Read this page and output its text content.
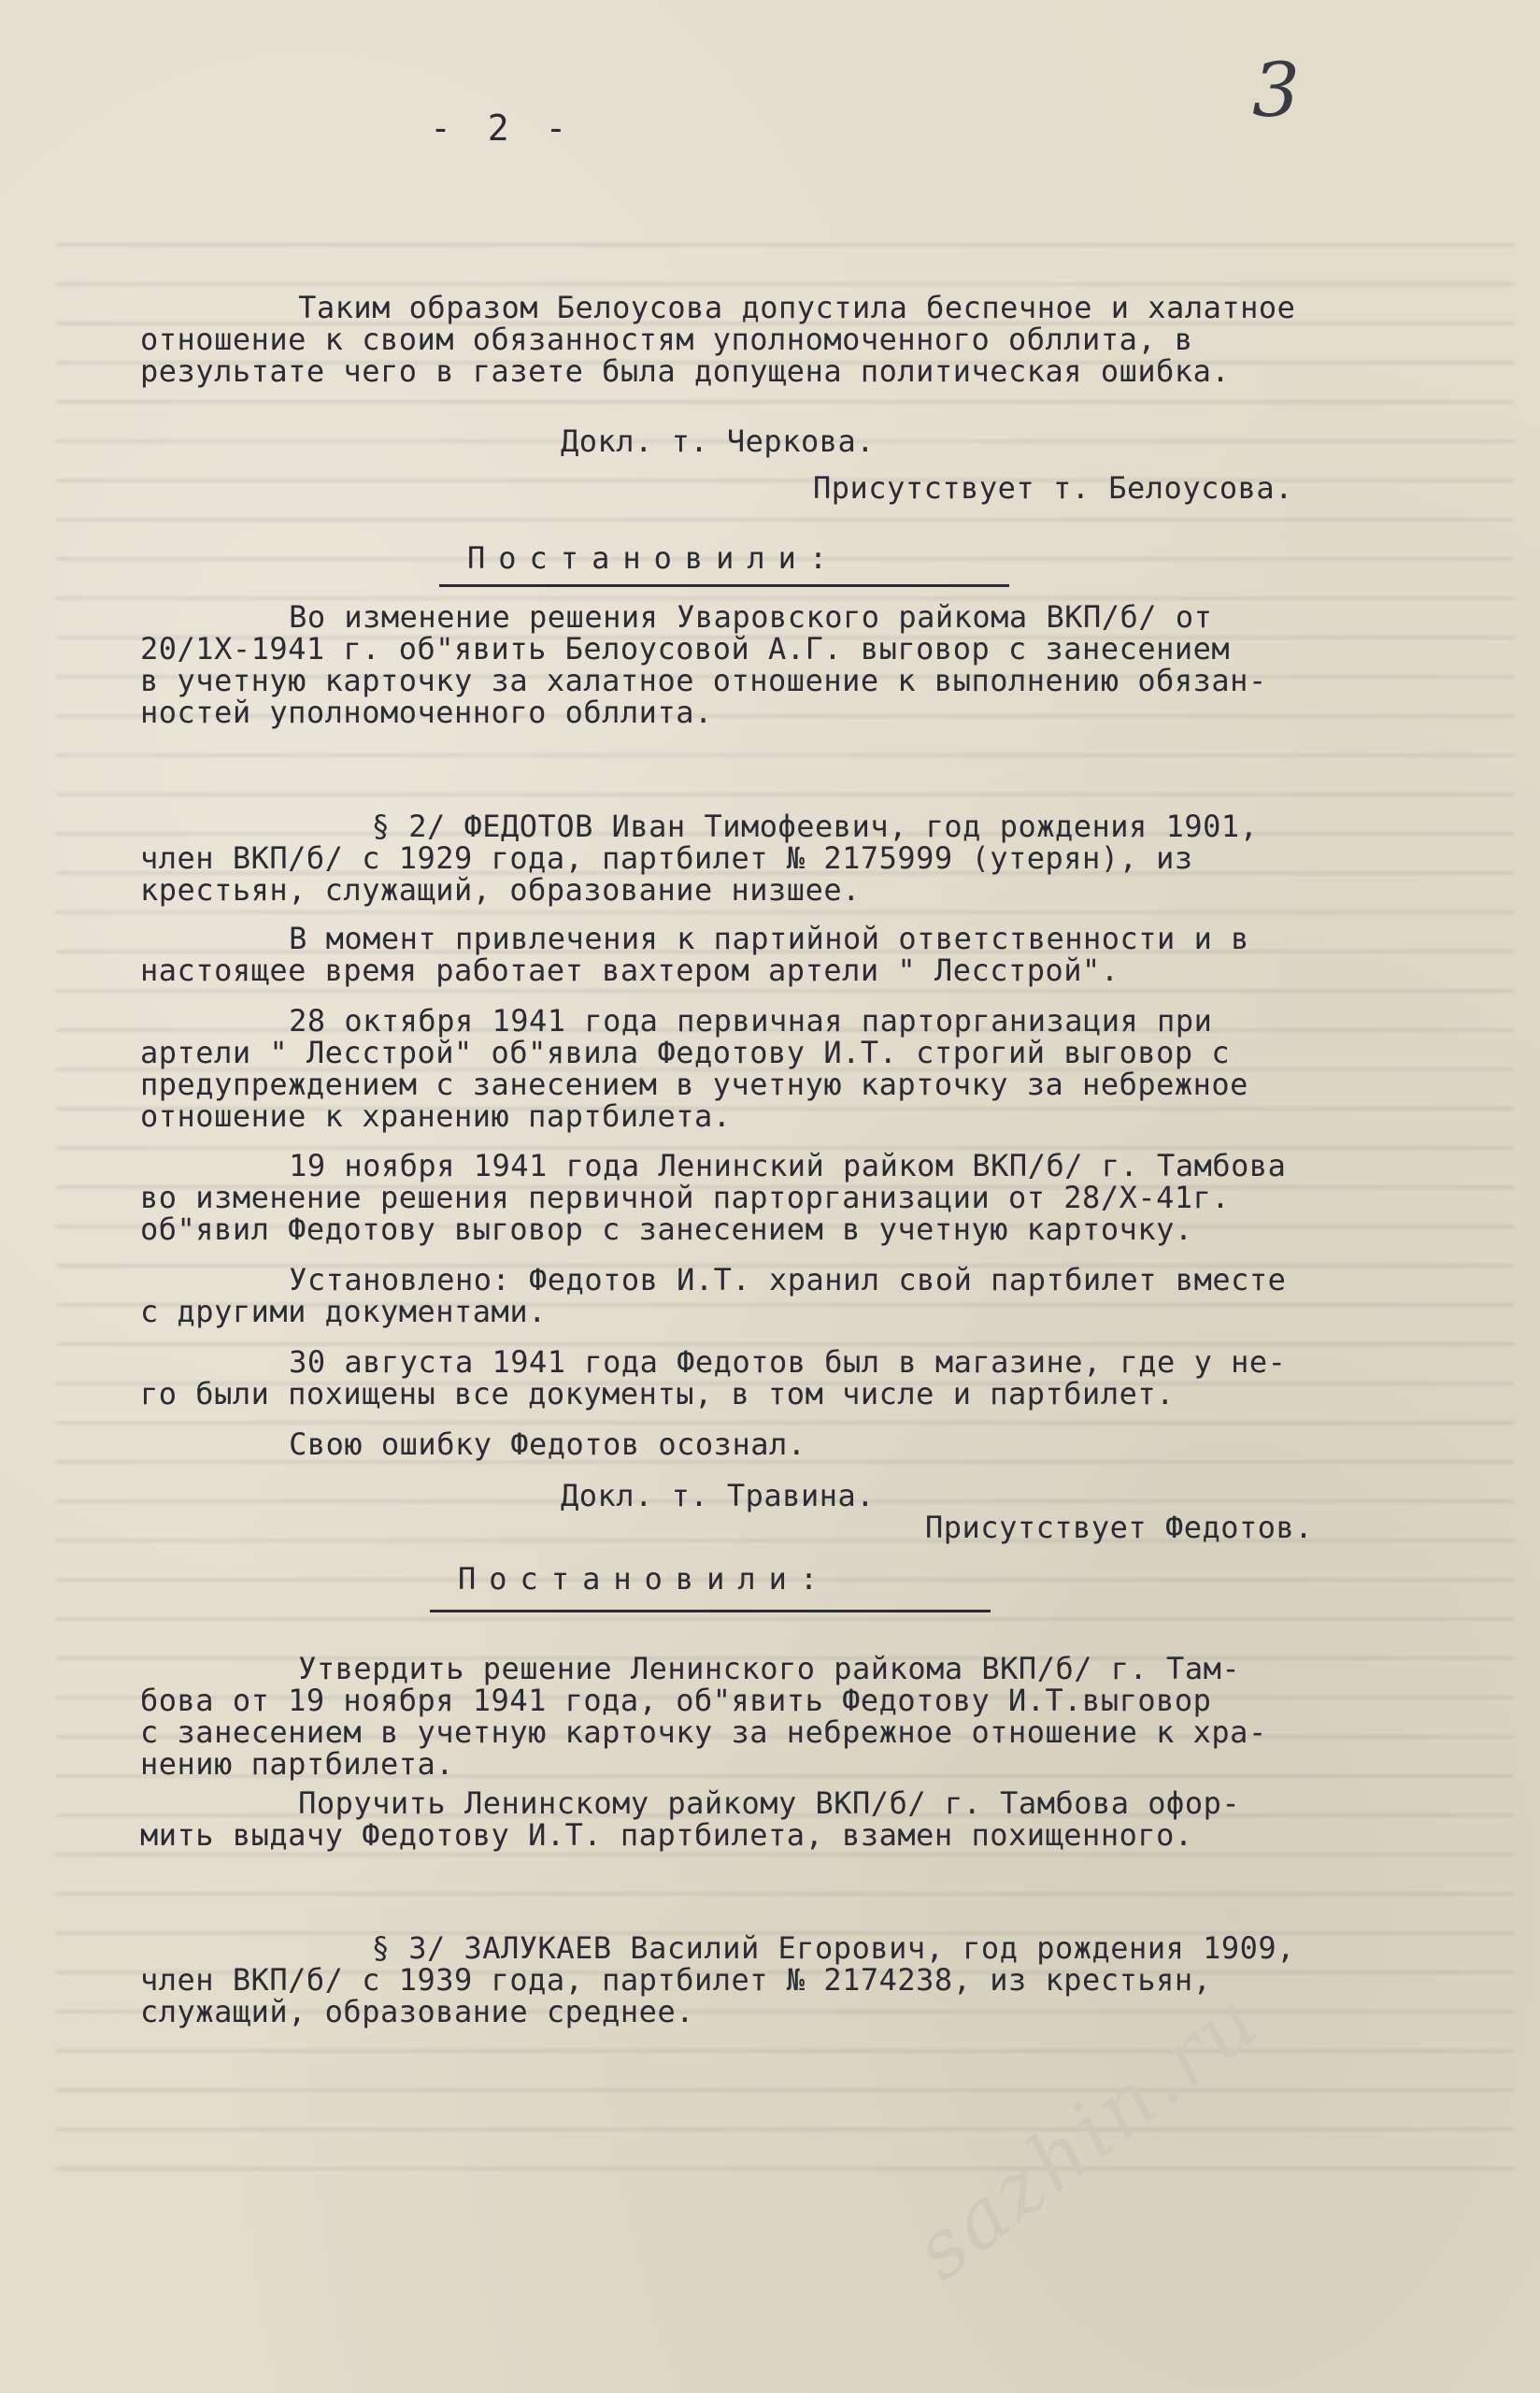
- 2 -	3
Таким образом Белоусова допустила беспечное и халатное
отношение к своим обязанностям уполномоченного обллита, в
результате чего в газете была допущена политическая ошибка.
Докл. т. Черкова.
Присутствует т. Белоусова.
Постановили:
Во изменение решения Уваровского райкома ВКП/б/ от
20/1Х-1941 г. об"явить Белоусовой А.Г. выговор с занесением
в учетную карточку за халатное отношение к выполнению обязан-
ностей уполномоченного обллита.
§ 2/ ФЕДОТОВ Иван Тимофеевич, год рождения 1901,
член ВКП/б/ с 1929 года, партбилет № 2175999 (утерян), из
крестьян, служащий, образование низшее.
В момент привлечения к партийной ответственности и в
настоящее время работает вахтером артели " Лесстрой".
28 октября 1941 года первичная парторганизация при
артели " Лесстрой" об"явила Федотову И.Т. строгий выговор с
предупреждением с занесением в учетную карточку за небрежное
отношение к хранению партбилета.
19 ноября 1941 года Ленинский райком ВКП/б/ г. Тамбова
во изменение решения первичной парторганизации от 28/Х-41г.
об"явил Федотову выговор с занесением в учетную карточку.
Установлено: Федотов И.Т. хранил свой партбилет вместе
с другими документами.
30 августа 1941 года Федотов был в магазине, где у не-
го были похищены все документы, в том числе и партбилет.
Свою ошибку Федотов осознал.
Докл. т. Травина.
Присутствует Федотов.
Постановили:
Утвердить решение Ленинского райкома ВКП/б/ г. Там-
бова от 19 ноября 1941 года, об"явить Федотову И.Т.выговор
с занесением в учетную карточку за небрежное отношение к хра-
нению партбилета.
Поручить Ленинскому райкому ВКП/б/ г. Тамбова офор-
мить выдачу Федотову И.Т. партбилета, взамен похищенного.
§ 3/ ЗАЛУКАЕВ Василий Егорович, год рождения 1909,
член ВКП/б/ с 1939 года, партбилет № 2174238, из крестьян,
служащий, образование среднее.	sazhin.ru
